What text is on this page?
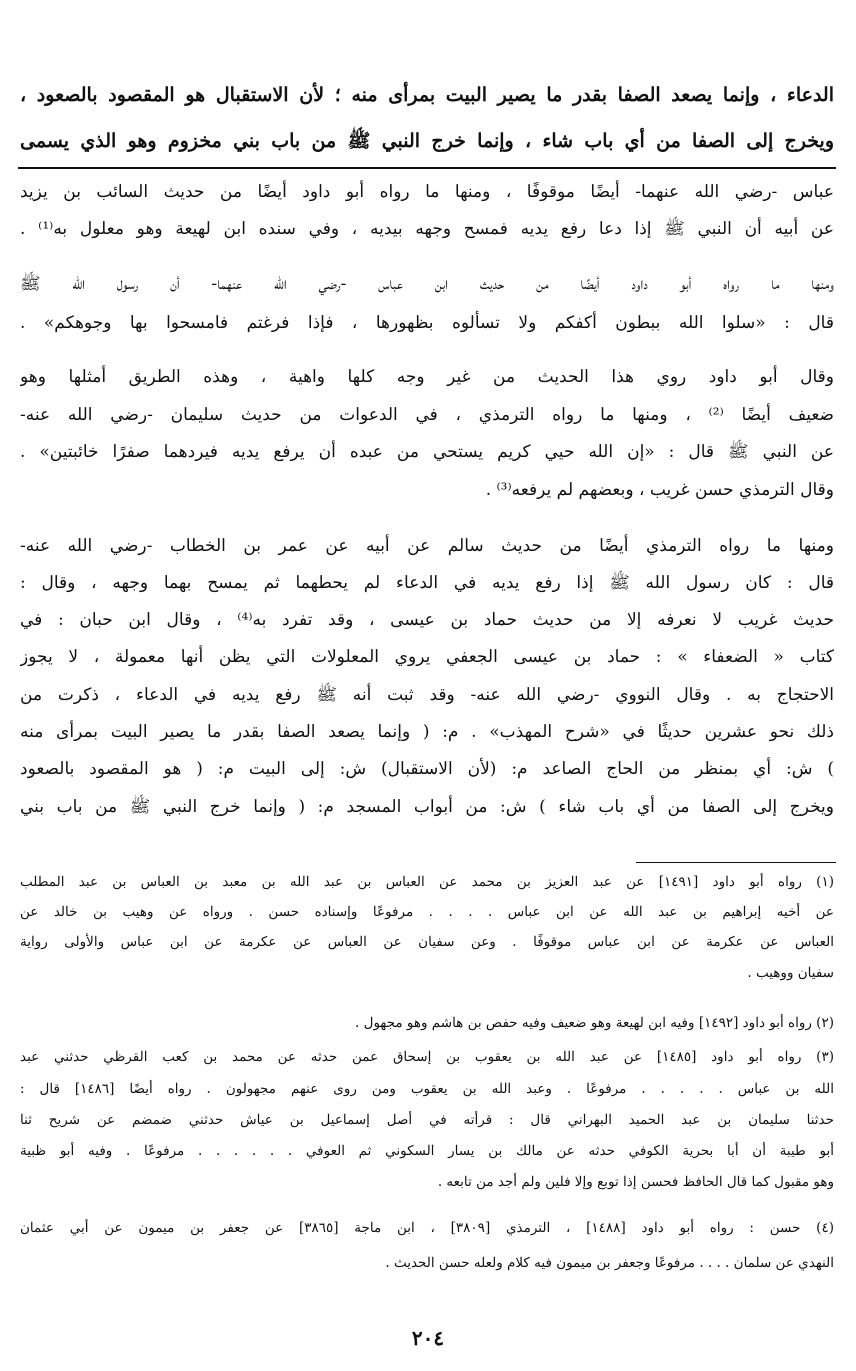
الدعاء ، وإنما يصعد الصفا بقدر ما يصير البيت بمرأى منه ؛ لأن الاستقبال هو المقصود بالصعود ،
ويخرج إلى الصفا من أي باب شاء ، وإنما خرج النبي ﷺ من باب بني مخزوم وهو الذي يسمى
عباس -رضي الله عنهما- أيضًا موقوفًا ، ومنها ما رواه أبو داود أيضًا من حديث السائب بن يزيد
عن أبيه أن النبي ﷺ إذا دعا رفع يديه فمسح وجهه بيديه ، وفي سنده ابن لهيعة وهو معلول به⁽¹⁾ .
ومنها ما رواه أبو داود أيضًا من حديث ابن عباس -رضي الله عنهما- أن رسول الله ﷺ
قال : «سلوا الله ببطون أكفكم ولا تسألوه بظهورها ، فإذا فرغتم فامسحوا بها وجوهكم» .
وقال أبو داود روي هذا الحديث من غير وجه كلها واهية ، وهذه الطريق أمثلها وهو
ضعيف أيضًا ⁽²⁾ ، ومنها ما رواه الترمذي ، في الدعوات من حديث سليمان -رضي الله عنه-
عن النبي ﷺ قال : «إن الله حيي كريم يستحي من عبده أن يرفع يديه فيردهما صفرًا خائبتين» .
وقال الترمذي حسن غريب ، وبعضهم لم يرفعه⁽³⁾ .
ومنها ما رواه الترمذي أيضًا من حديث سالم عن أبيه عن عمر بن الخطاب -رضي الله عنه-
قال : كان رسول الله ﷺ إذا رفع يديه في الدعاء لم يحطهما ثم يمسح بهما وجهه ، وقال :
حديث غريب لا نعرفه إلا من حديث حماد بن عيسى ، وقد تفرد به⁽⁴⁾ ، وقال ابن حبان : في
كتاب « الضعفاء » : حماد بن عيسى الجعفي يروي المعلولات التي يظن أنها معمولة ، لا يجوز
الاحتجاج به . وقال النووي -رضي الله عنه- وقد ثبت أنه ﷺ رفع يديه في الدعاء ، ذكرت من
ذلك نحو عشرين حديثًا في «شرح المهذب» . م: ( وإنما يصعد الصفا بقدر ما يصير البيت بمرأى منه
) ش: أي بمنظر من الحاج الصاعد م: (لأن الاستقبال) ش: إلى البيت م: ( هو المقصود بالصعود
ويخرج إلى الصفا من أي باب شاء ) ش: من أبواب المسجد م: ( وإنما خرج النبي ﷺ من باب بني
(١) رواه أبو داود [١٤٩١] عن عبد العزيز بن محمد عن العباس بن عبد الله بن معبد بن العباس بن عبد المطلب
عن أخيه إبراهيم بن عبد الله عن ابن عباس . . . . مرفوعًا وإسناده حسن . ورواه عن وهيب بن خالد عن
العباس عن عكرمة عن ابن عباس موقوفًا . وعن سفيان عن العباس عن عكرمة عن ابن عباس والأولى رواية
سفيان ووهيب .
(٢) رواه أبو داود [١٤٩٢] وفيه ابن لهيعة وهو ضعيف وفيه حفص بن هاشم وهو مجهول .
(٣) رواه أبو داود [١٤٨٥] عن عبد الله بن يعقوب بن إسحاق عمن حدثه عن محمد بن كعب القرظي حدثني عبد
الله بن عباس . . . . . مرفوعًا . وعبد الله بن يعقوب ومن روى عنهم مجهولون . رواه أيضًا [١٤٨٦] قال :
حدثنا سليمان بن عبد الحميد البهراني قال : قرأته في أصل إسماعيل بن عياش حدثني ضمضم عن شريح ثنا
أبو طيبة أن أبا بحرية الكوفي حدثه عن مالك بن يسار السكوني ثم العوفي . . . . . . مرفوعًا . وفيه أبو ظبية
وهو مقبول كما قال الحافظ فحسن إذا توبع وإلا فلين ولم أجد من تابعه .
(٤) حسن : رواه أبو داود [١٤٨٨] ، الترمذي [٣٨٠٩] ، ابن ماجة [٣٨٦٥] عن جعفر بن ميمون عن أبي عثمان
النهدي عن سلمان . . . . مرفوعًا وجعفر بن ميمون فيه كلام ولعله حسن الحديث .
٢٠٤
